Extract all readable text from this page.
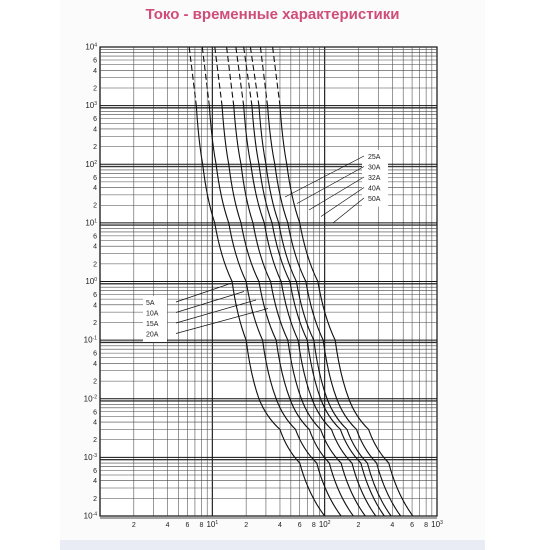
Токо - временные характеристики
$10^4$
6
4
2
$10^3$
6
4
2
$10^2$
6
4
2
$10^1$
6
4
2
$10^0$
6
4
2
$10^{-1}$
6
4
2
$10^{-2}$
6
4
2
$10^{-3}$
6
4
2
$10^{-4}$
2	4 6 8 $10^1$	2	4 6 8 $10^2$	2	4 6 8 $10^3$
25A
30A
32A
40A
50A
5A
10A
15A
20A
